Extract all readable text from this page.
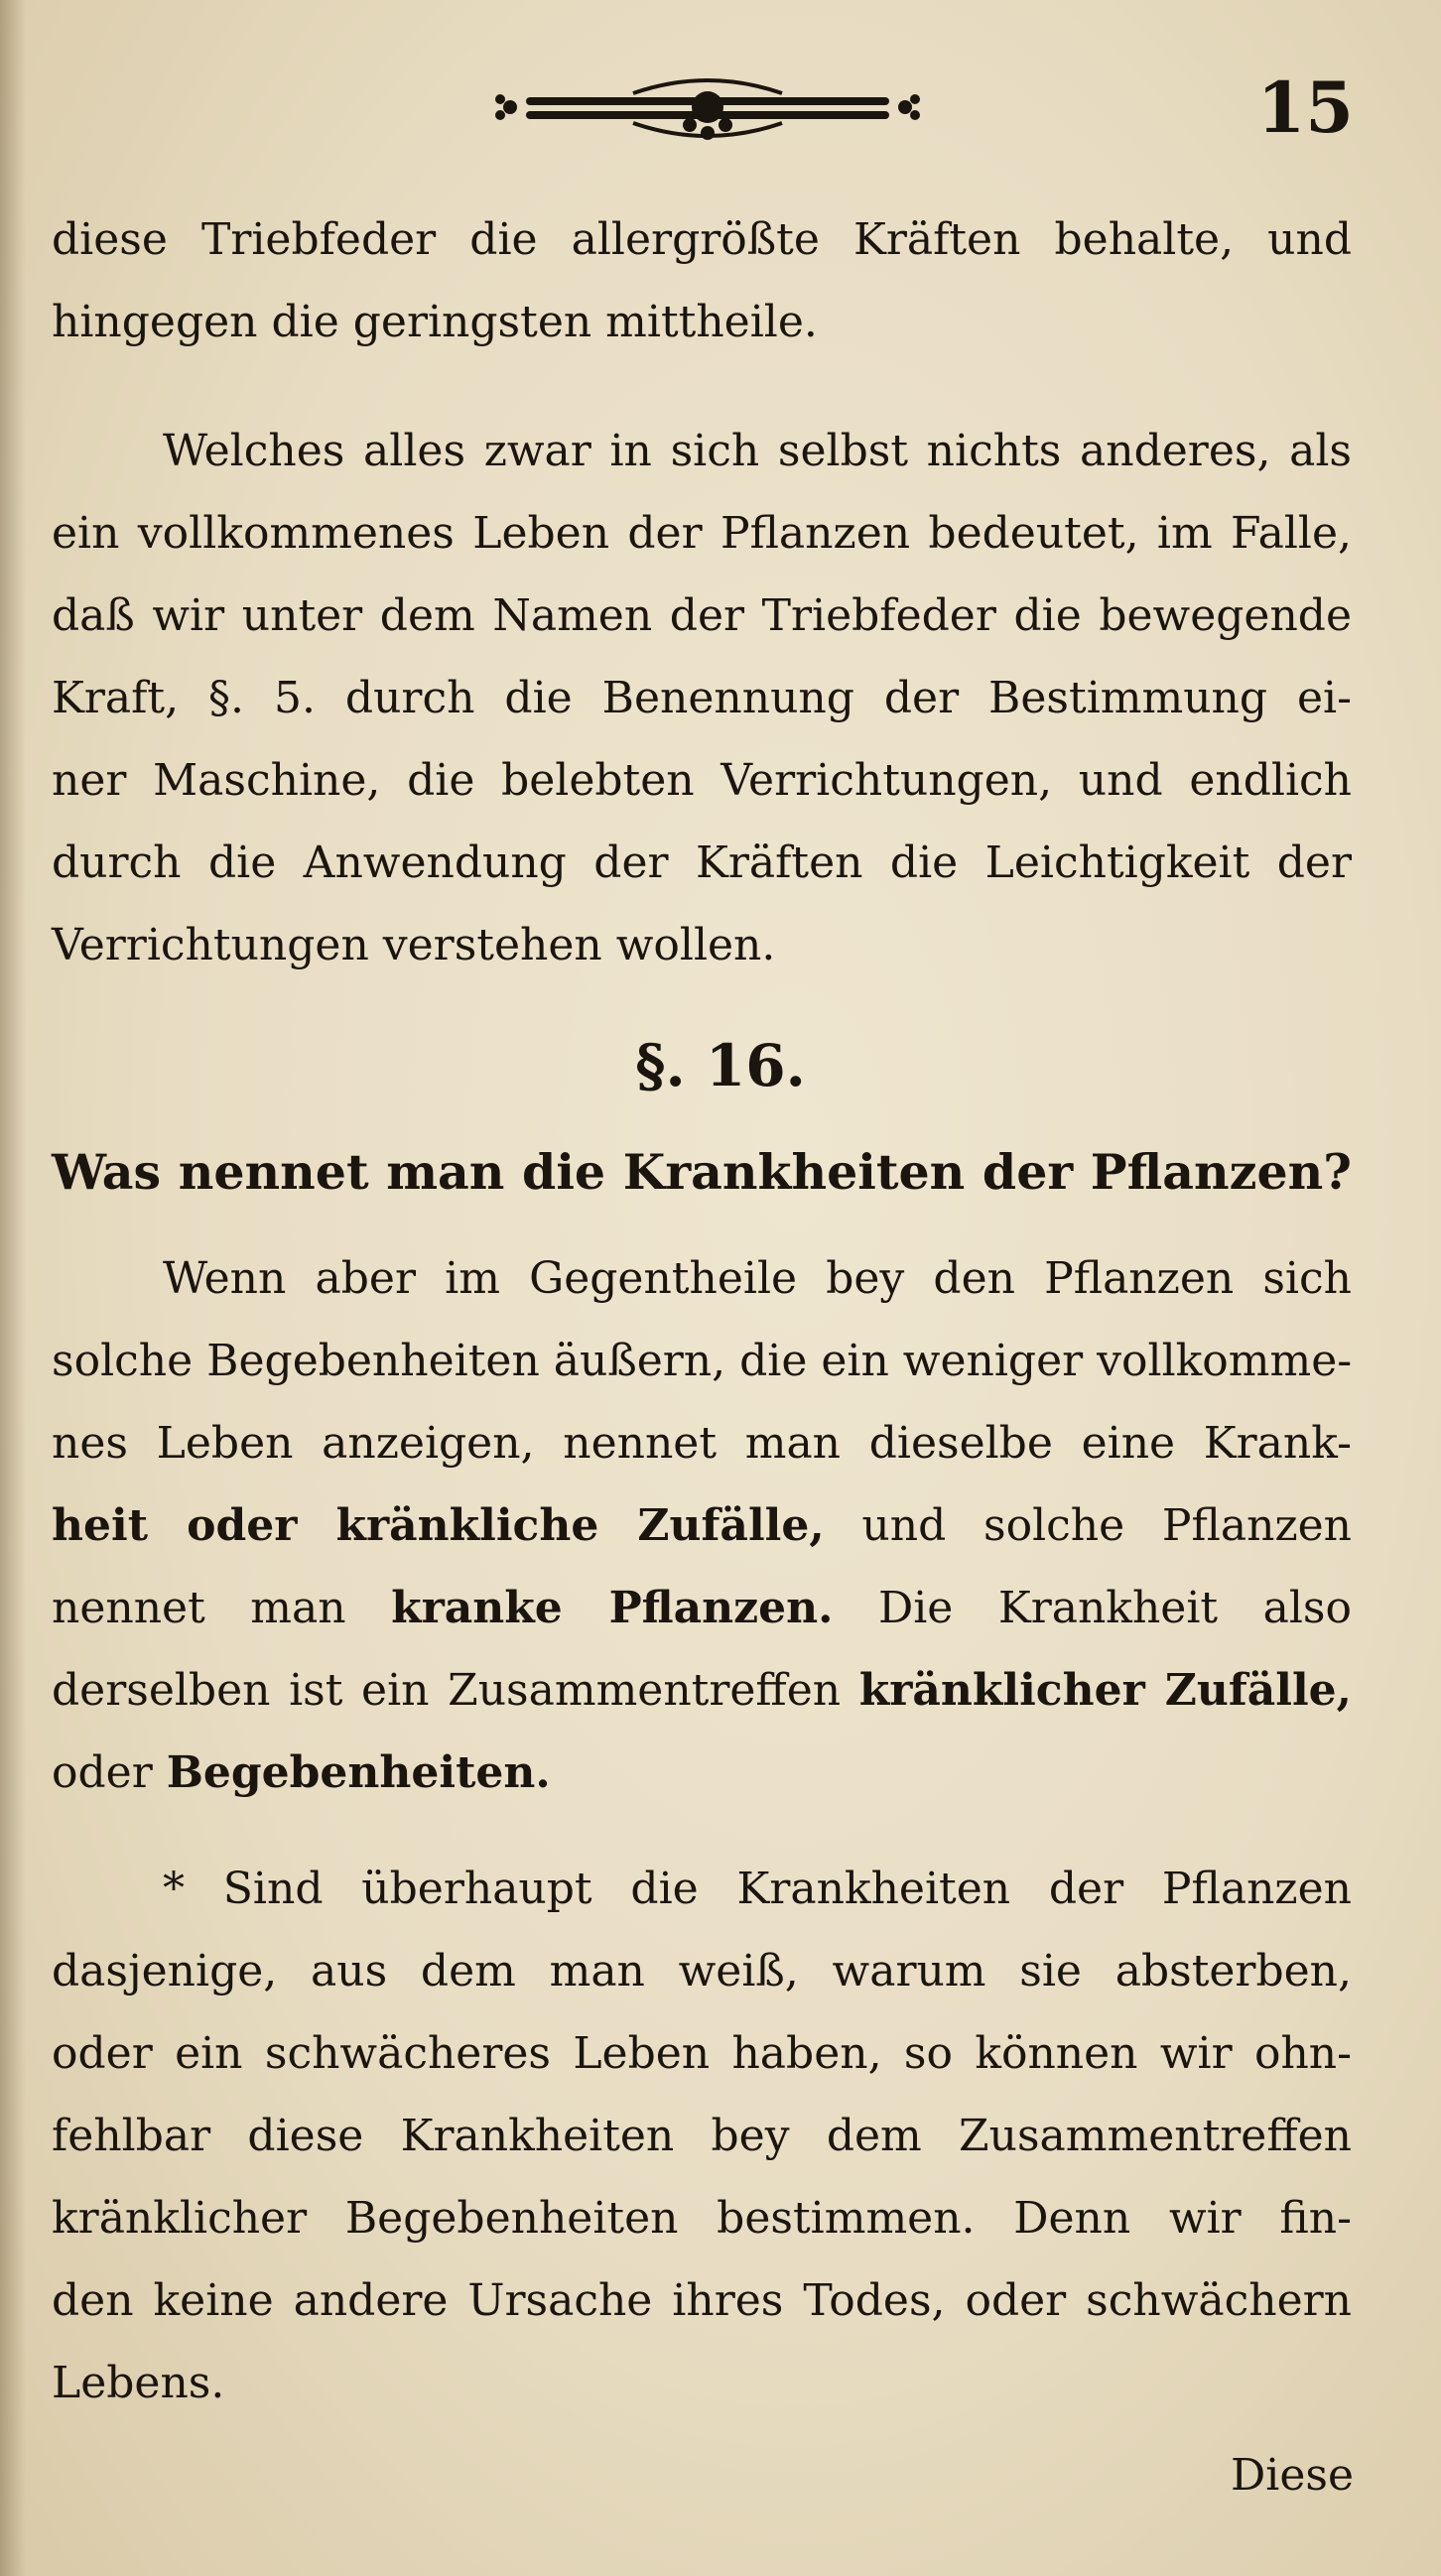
15
diese Triebfeder die allergrößte Kräften behalte, und
hingegen die geringsten mittheile.
Welches alles zwar in sich selbst nichts anderes, als
ein vollkommenes Leben der Pflanzen bedeutet, im Falle,
daß wir unter dem Namen der Triebfeder die bewegende
Kraft, §. 5. durch die Benennung der Bestimmung ei-
ner Maschine, die belebten Verrichtungen, und endlich
durch die Anwendung der Kräften die Leichtigkeit der
Verrichtungen verstehen wollen.
§. 16.
Was nennet man die Krankheiten der Pflanzen?
Wenn aber im Gegentheile bey den Pflanzen sich
solche Begebenheiten äußern, die ein weniger vollkomme-
nes Leben anzeigen, nennet man dieselbe eine Krank-
heit oder kränkliche Zufälle, und solche Pflanzen
nennet man kranke Pflanzen. Die Krankheit also
derselben ist ein Zusammentreffen kränklicher Zufälle,
oder Begebenheiten.
* Sind überhaupt die Krankheiten der Pflanzen
dasjenige, aus dem man weiß, warum sie absterben,
oder ein schwächeres Leben haben, so können wir ohn-
fehlbar diese Krankheiten bey dem Zusammentreffen
kränklicher Begebenheiten bestimmen. Denn wir fin-
den keine andere Ursache ihres Todes, oder schwächern
Lebens.
Diese
